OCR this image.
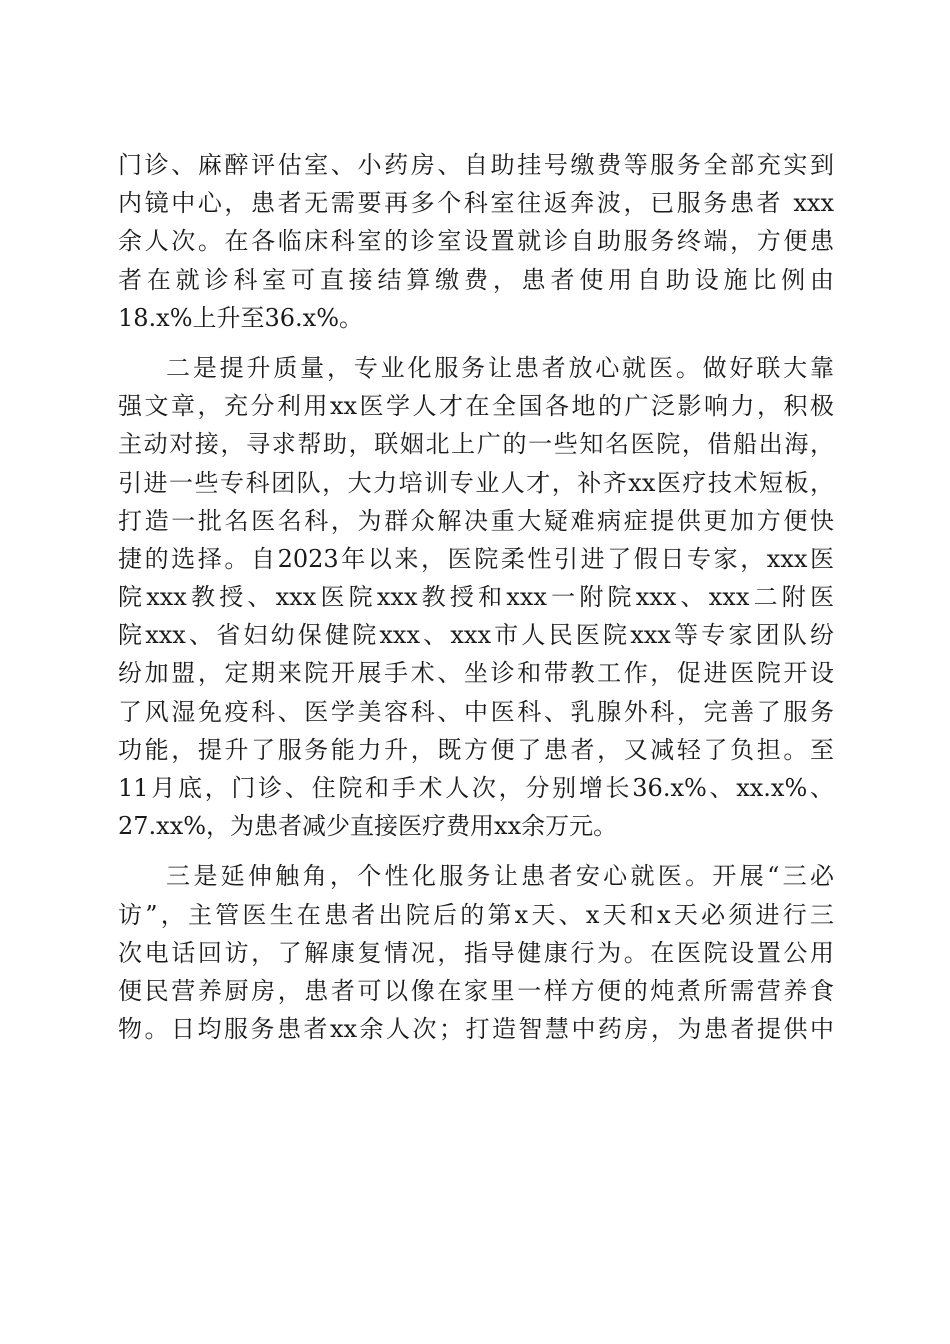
门诊、麻醉评估室、小药房、自助挂号缴费等服务全部充实到
内镜中心，患者无需要再多个科室往返奔波，已服务患者 xxx
余人次。在各临床科室的诊室设置就诊自助服务终端，方便患
者在就诊科室可直接结算缴费，患者使用自助设施比例由
18.x%上升至36.x%。
二是提升质量，专业化服务让患者放心就医。做好联大靠
强文章，充分利用xx医学人才在全国各地的广泛影响力，积极
主动对接，寻求帮助，联姻北上广的一些知名医院，借船出海，
引进一些专科团队，大力培训专业人才，补齐xx医疗技术短板，
打造一批名医名科，为群众解决重大疑难病症提供更加方便快
捷的选择。自2023年以来，医院柔性引进了假日专家，xxx医
院xxx教授、xxx医院xxx教授和xxx一附院xxx、xxx二附医
院xxx、省妇幼保健院xxx、xxx市人民医院xxx等专家团队纷
纷加盟，定期来院开展手术、坐诊和带教工作，促进医院开设
了风湿免疫科、医学美容科、中医科、乳腺外科，完善了服务
功能，提升了服务能力升，既方便了患者，又减轻了负担。至
11月底，门诊、住院和手术人次，分别增长36.x%、xx.x%、
27.xx%，为患者减少直接医疗费用xx余万元。
三是延伸触角，个性化服务让患者安心就医。开展“三必
访”，主管医生在患者出院后的第x天、x天和x天必须进行三
次电话回访，了解康复情况，指导健康行为。在医院设置公用
便民营养厨房，患者可以像在家里一样方便的炖煮所需营养食
物。日均服务患者xx余人次；打造智慧中药房，为患者提供中
